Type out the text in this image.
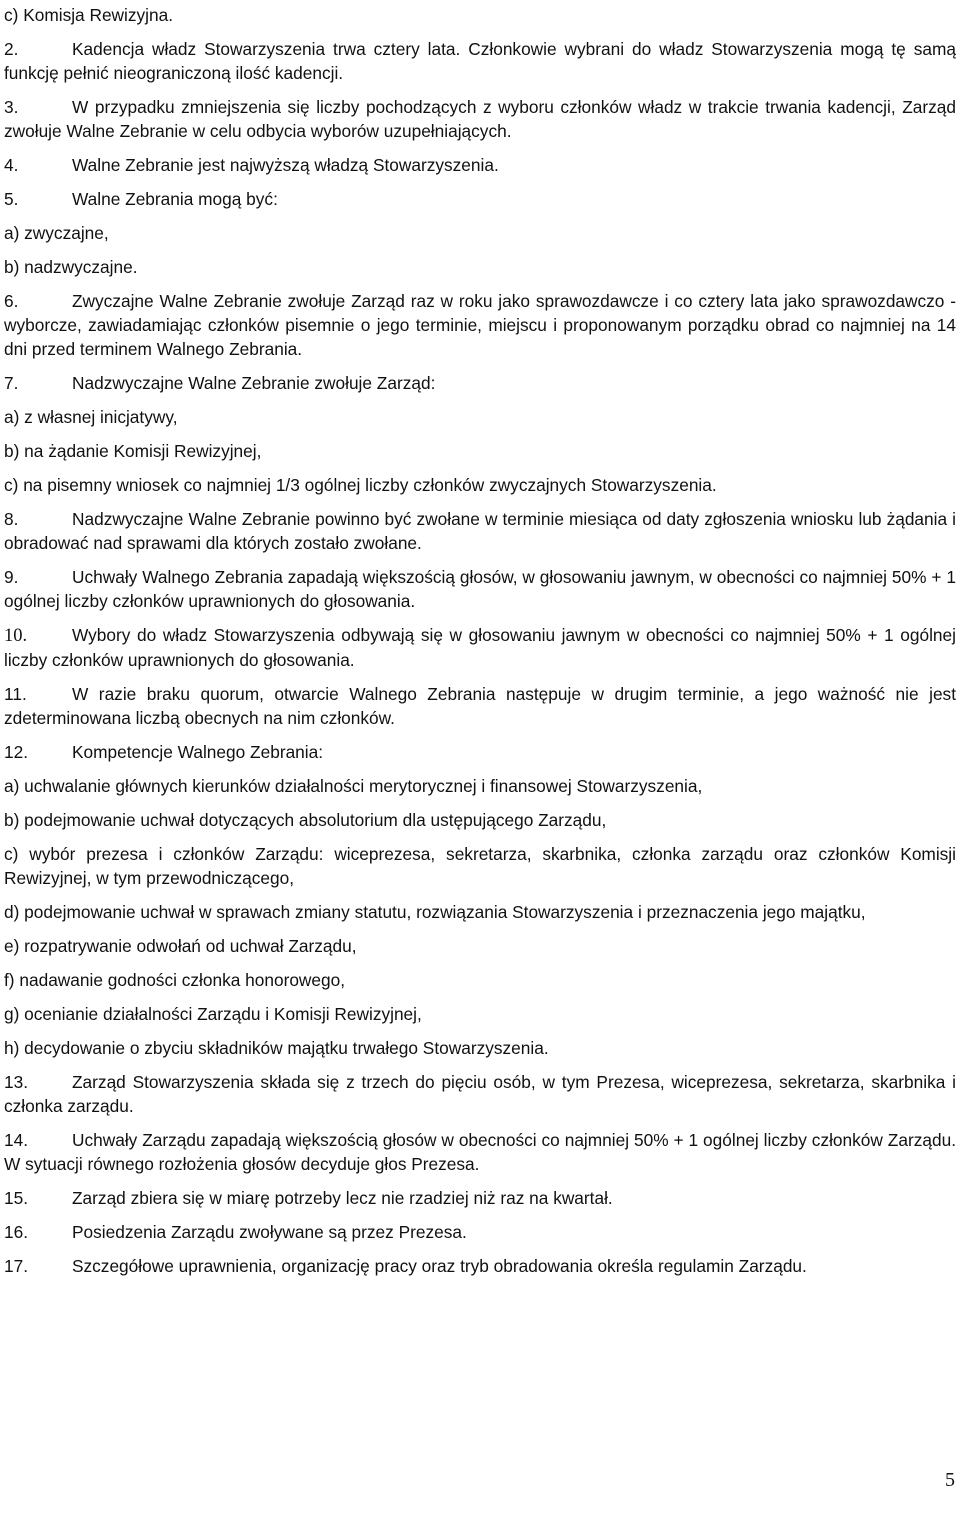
c) Komisja Rewizyjna.

2.	Kadencja władz Stowarzyszenia trwa cztery lata. Członkowie wybrani do władz Stowarzyszenia mogą tę samą funkcję pełnić nieograniczoną ilość kadencji.

3.	W przypadku zmniejszenia się liczby pochodzących z wyboru członków władz w trakcie trwania kadencji, Zarząd zwołuje Walne Zebranie w celu odbycia wyborów uzupełniających.

4.	Walne Zebranie jest najwyższą władzą Stowarzyszenia.

5.	Walne Zebrania mogą być:

a) zwyczajne,

b) nadzwyczajne.

6.	Zwyczajne Walne Zebranie zwołuje Zarząd raz w roku jako sprawozdawcze i co cztery lata jako sprawozdawczo - wyborcze, zawiadamiając członków pisemnie o jego terminie, miejscu i proponowanym porządku obrad co najmniej na 14 dni przed terminem Walnego Zebrania.

7.	Nadzwyczajne Walne Zebranie zwołuje Zarząd:

a) z własnej inicjatywy,

b) na żądanie Komisji Rewizyjnej,

c) na pisemny wniosek co najmniej 1/3 ogólnej liczby członków zwyczajnych Stowarzyszenia.

8.	Nadzwyczajne Walne Zebranie powinno być zwołane w terminie miesiąca od daty zgłoszenia wniosku lub żądania i obradować nad sprawami dla których zostało zwołane.

9.	Uchwały Walnego Zebrania zapadają większością głosów, w głosowaniu jawnym, w obecności co najmniej 50% + 1 ogólnej liczby członków uprawnionych do głosowania.

10.	Wybory do władz Stowarzyszenia odbywają się w głosowaniu jawnym w obecności co najmniej 50% + 1 ogólnej liczby członków uprawnionych do głosowania.

11.	W razie braku quorum, otwarcie Walnego Zebrania następuje w drugim terminie, a jego ważność nie jest zdeterminowana liczbą obecnych na nim członków.

12.	Kompetencje Walnego Zebrania:

a) uchwalanie głównych kierunków działalności merytorycznej i finansowej Stowarzyszenia,

b) podejmowanie uchwał dotyczących absolutorium dla ustępującego Zarządu,

c) wybór prezesa i członków Zarządu: wiceprezesa, sekretarza, skarbnika, członka zarządu oraz członków Komisji Rewizyjnej, w tym przewodniczącego,

d) podejmowanie uchwał w sprawach zmiany statutu, rozwiązania Stowarzyszenia i przeznaczenia jego majątku,

e) rozpatrywanie odwołań od uchwał Zarządu,

f) nadawanie godności członka honorowego,

g) ocenianie działalności Zarządu i Komisji Rewizyjnej,

h) decydowanie o zbyciu składników majątku trwałego Stowarzyszenia.

13.	Zarząd Stowarzyszenia składa się z trzech do pięciu osób, w tym Prezesa, wiceprezesa, sekretarza, skarbnika i członka zarządu.

14.	Uchwały Zarządu zapadają większością głosów w obecności co najmniej 50% + 1 ogólnej liczby członków Zarządu. W sytuacji równego rozłożenia głosów decyduje głos Prezesa.

15.	Zarząd zbiera się w miarę potrzeby lecz nie rzadziej niż raz na kwartał.

16.	Posiedzenia Zarządu zwoływane są przez Prezesa.

17.	Szczegółowe uprawnienia, organizację pracy oraz tryb obradowania określa regulamin Zarządu.

5
